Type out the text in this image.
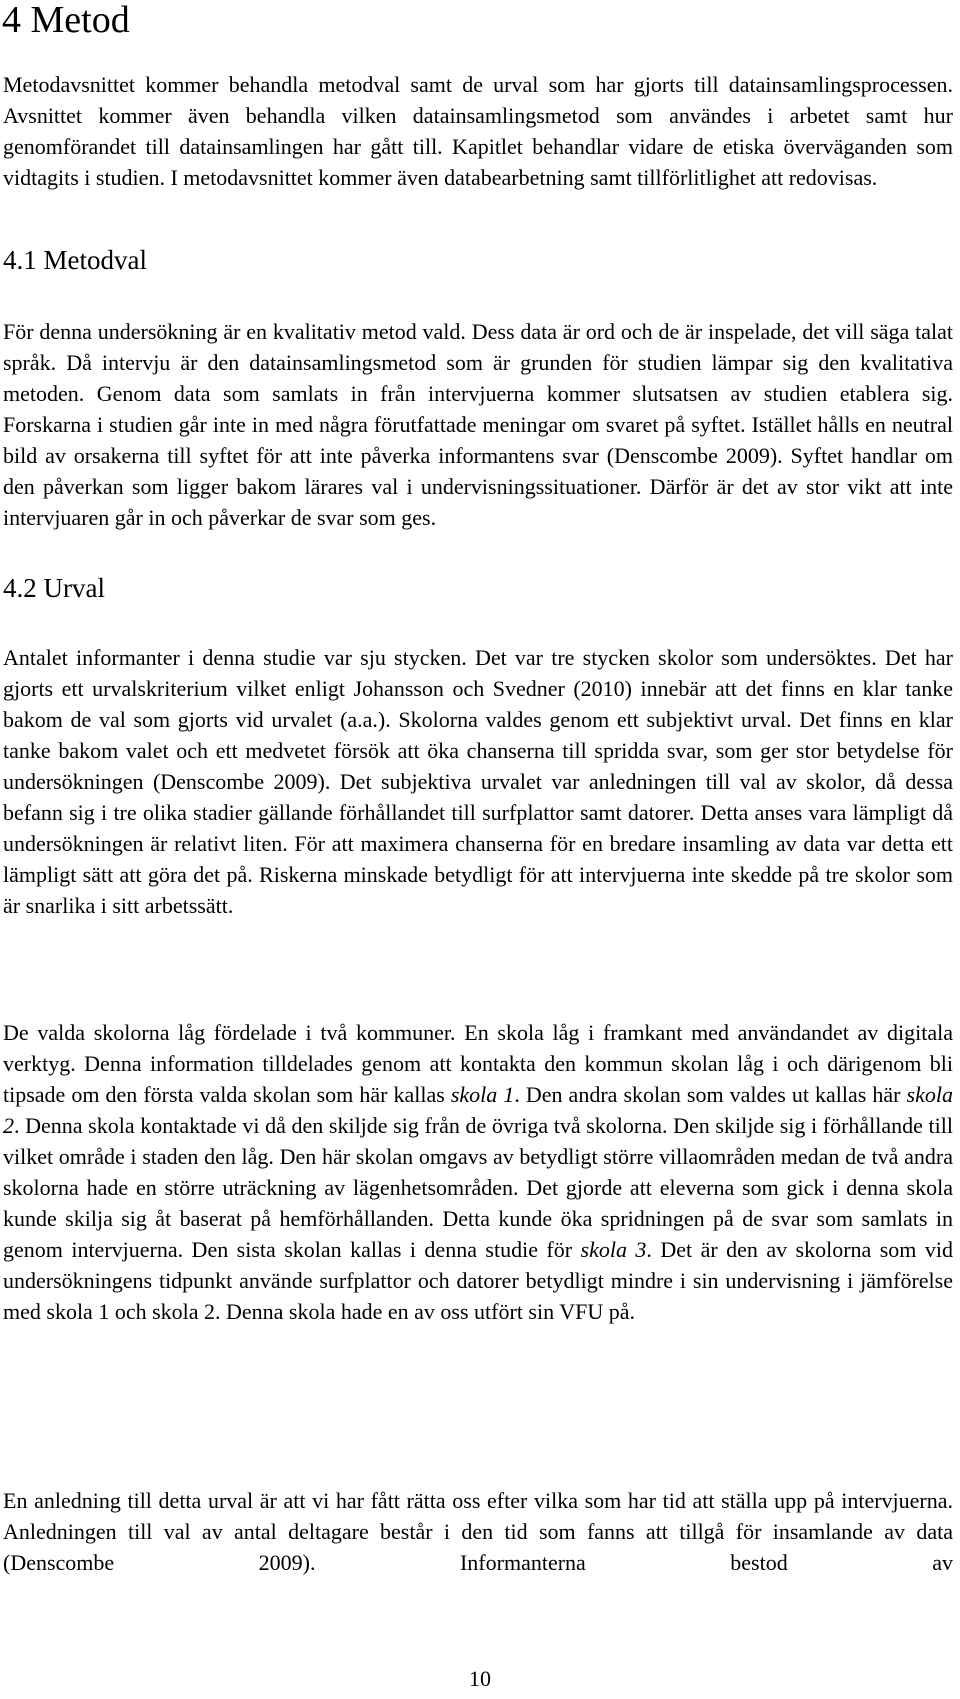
4 Metod

Metodavsnittet kommer behandla metodval samt de urval som har gjorts till datainsamlingsprocessen. Avsnittet kommer även behandla vilken datainsamlingsmetod som användes i arbetet samt hur genomförandet till datainsamlingen har gått till. Kapitlet behandlar vidare de etiska överväganden som vidtagits i studien. I metodavsnittet kommer även databearbetning samt tillförlitlighet att redovisas.

4.1 Metodval

För denna undersökning är en kvalitativ metod vald. Dess data är ord och de är inspelade, det vill säga talat språk. Då intervju är den datainsamlingsmetod som är grunden för studien lämpar sig den kvalitativa metoden. Genom data som samlats in från intervjuerna kommer slutsatsen av studien etablera sig. Forskarna i studien går inte in med några förutfattade meningar om svaret på syftet. Istället hålls en neutral bild av orsakerna till syftet för att inte påverka informantens svar (Denscombe 2009). Syftet handlar om den påverkan som ligger bakom lärares val i undervisningssituationer. Därför är det av stor vikt att inte intervjuaren går in och påverkar de svar som ges.

4.2 Urval

Antalet informanter i denna studie var sju stycken. Det var tre stycken skolor som undersöktes. Det har gjorts ett urvalskriterium vilket enligt Johansson och Svedner (2010) innebär att det finns en klar tanke bakom de val som gjorts vid urvalet (a.a.). Skolorna valdes genom ett subjektivt urval. Det finns en klar tanke bakom valet och ett medvetet försök att öka chanserna till spridda svar, som ger stor betydelse för undersökningen (Denscombe 2009). Det subjektiva urvalet var anledningen till val av skolor, då dessa befann sig i tre olika stadier gällande förhållandet till surfplattor samt datorer. Detta anses vara lämpligt då undersökningen är relativt liten. För att maximera chanserna för en bredare insamling av data var detta ett lämpligt sätt att göra det på. Riskerna minskade betydligt för att intervjuerna inte skedde på tre skolor som är snarlika i sitt arbetssätt.

De valda skolorna låg fördelade i två kommuner. En skola låg i framkant med användandet av digitala verktyg. Denna information tilldelades genom att kontakta den kommun skolan låg i och därigenom bli tipsade om den första valda skolan som här kallas skola 1. Den andra skolan som valdes ut kallas här skola 2. Denna skola kontaktade vi då den skiljde sig från de övriga två skolorna. Den skiljde sig i förhållande till vilket område i staden den låg. Den här skolan omgavs av betydligt större villaområden medan de två andra skolorna hade en större uträckning av lägenhetsområden. Det gjorde att eleverna som gick i denna skola kunde skilja sig åt baserat på hemförhållanden. Detta kunde öka spridningen på de svar som samlats in genom intervjuerna. Den sista skolan kallas i denna studie för skola 3. Det är den av skolorna som vid undersökningens tidpunkt använde surfplattor och datorer betydligt mindre i sin undervisning i jämförelse med skola 1 och skola 2. Denna skola hade en av oss utfört sin VFU på.

En anledning till detta urval är att vi har fått rätta oss efter vilka som har tid att ställa upp på intervjuerna. Anledningen till val av antal deltagare består i den tid som fanns att tillgå för insamlande av data (Denscombe 2009). Informanterna bestod av

10
